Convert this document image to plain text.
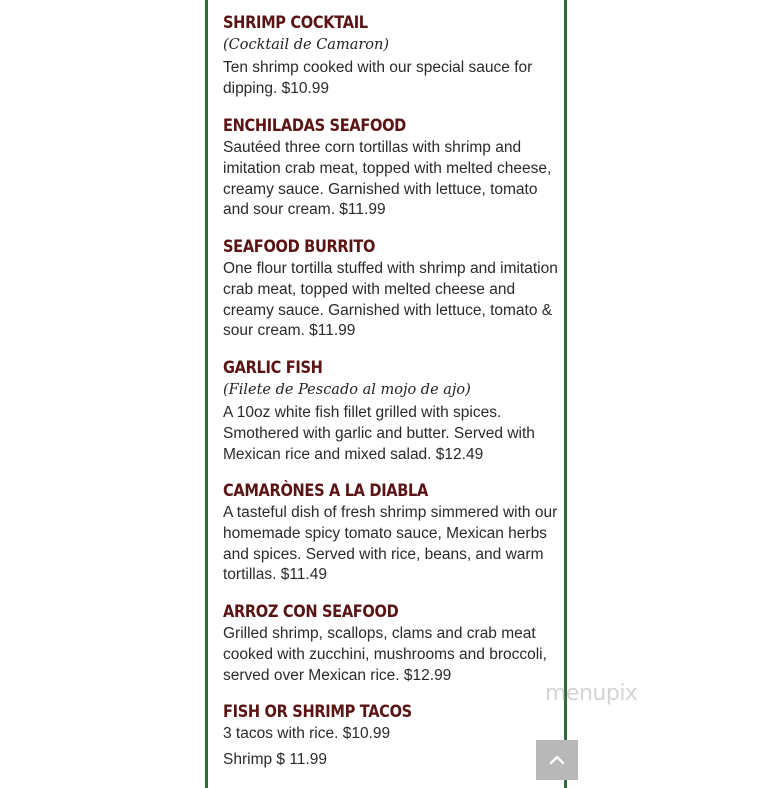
SHRIMP COCKTAIL
(Cocktail de Camaron)
Ten shrimp cooked with our special sauce for dipping. $10.99
ENCHILADAS SEAFOOD
Sautéed three corn tortillas with shrimp and imitation crab meat, topped with melted cheese, creamy sauce. Garnished with lettuce, tomato and sour cream. $11.99
SEAFOOD BURRITO
One flour tortilla stuffed with shrimp and imitation crab meat, topped with melted cheese and creamy sauce. Garnished with lettuce, tomato & sour cream. $11.99
GARLIC FISH
(Filete de Pescado al mojo de ajo)
A 10oz white fish fillet grilled with spices. Smothered with garlic and butter. Served with Mexican rice and mixed salad. $12.49
CAMARÒNES A LA DIABLA
A tasteful dish of fresh shrimp simmered with our homemade spicy tomato sauce, Mexican herbs and spices. Served with rice, beans, and warm tortillas. $11.49
ARROZ CON SEAFOOD
Grilled shrimp, scallops, clams and crab meat cooked with zucchini, mushrooms and broccoli, served over Mexican rice. $12.99
FISH OR SHRIMP TACOS
3 tacos with rice. $10.99
Shrimp $ 11.99
menupix
